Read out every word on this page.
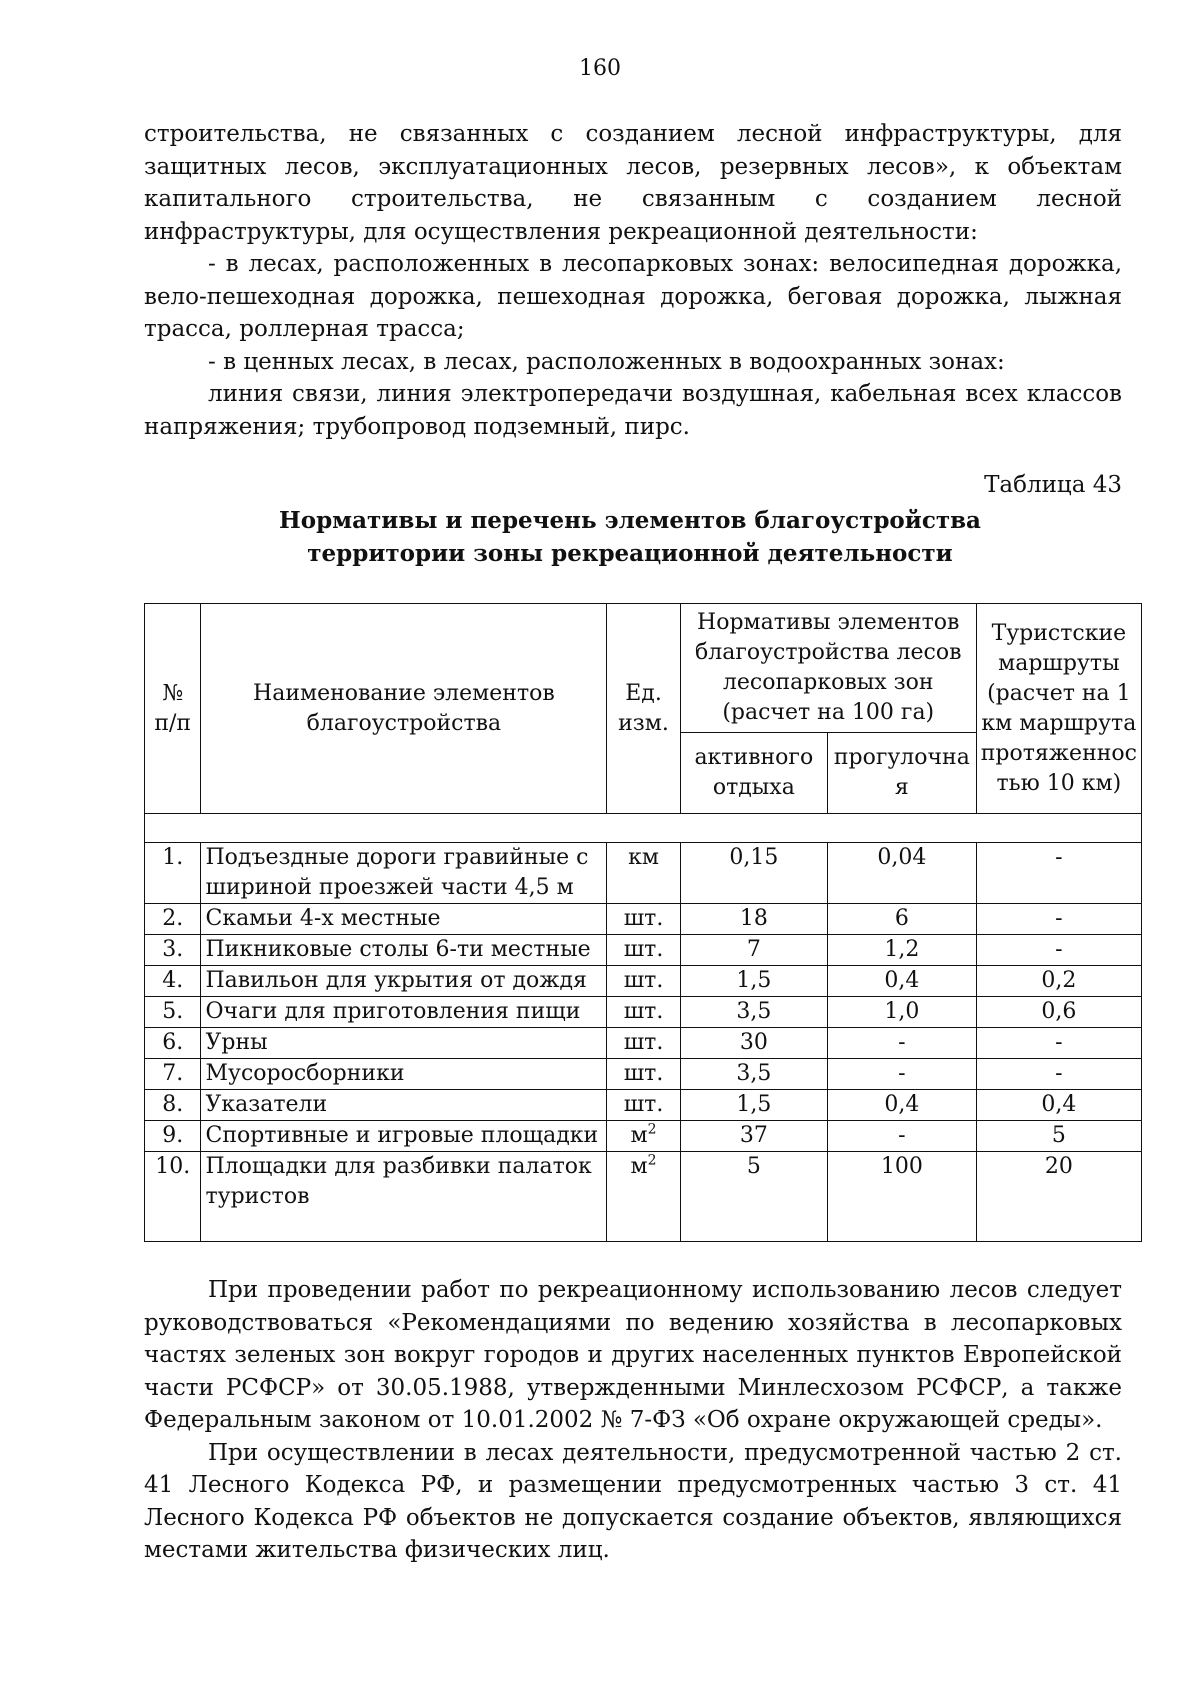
160

строительства, не связанных с созданием лесной инфраструктуры, для защитных лесов, эксплуатационных лесов, резервных лесов», к объектам капитального строительства, не связанным с созданием лесной инфраструктуры, для осуществления рекреационной деятельности:

- в лесах, расположенных в лесопарковых зонах: велосипедная дорожка, вело-пешеходная дорожка, пешеходная дорожка, беговая дорожка, лыжная трасса, роллерная трасса;

- в ценных лесах, в лесах, расположенных в водоохранных зонах:

линия связи, линия электропередачи воздушная, кабельная всех классов напряжения; трубопровод подземный, пирс.

Таблица 43
Нормативы и перечень элементов благоустройства
территории зоны рекреационной деятельности
№ п/п	Наименование элементов благоустройства	Ед. изм.	Нормативы элементов благоустройства лесов лесопарковых зон (расчет на 100 га)		Туристские маршруты (расчет на 1 км маршрута протяженнос тью 10 км)
			активного отдыха	прогулочна я	

1.	Подъездные дороги гравийные с шириной проезжей части 4,5 м	км	0,15	0,04	-
2.	Скамьи 4-х местные	шт.	18	6	-
3.	Пикниковые столы 6-ти местные	шт.	7	1,2	-
4.	Павильон для укрытия от дождя	шт.	1,5	0,4	0,2
5.	Очаги для приготовления пищи	шт.	3,5	1,0	0,6
6.	Урны	шт.	30	-	-
7.	Мусоросборники	шт.	3,5	-	-
8.	Указатели	шт.	1,5	0,4	0,4
9.	Спортивные и игровые площадки	$м^2$	37	-	5
10.	Площадки для разбивки палаток туристов	$м^2$	5	100	20

При проведении работ по рекреационному использованию лесов следует руководствоваться «Рекомендациями по ведению хозяйства в лесопарковых частях зеленых зон вокруг городов и других населенных пунктов Европейской части РСФСР» от 30.05.1988, утвержденными Минлесхозом РСФСР, а также Федеральным законом от 10.01.2002 № 7-ФЗ «Об охране окружающей среды».

При осуществлении в лесах деятельности, предусмотренной частью 2 ст. 41 Лесного Кодекса РФ, и размещении предусмотренных частью 3 ст. 41 Лесного Кодекса РФ объектов не допускается создание объектов, являющихся местами жительства физических лиц.
